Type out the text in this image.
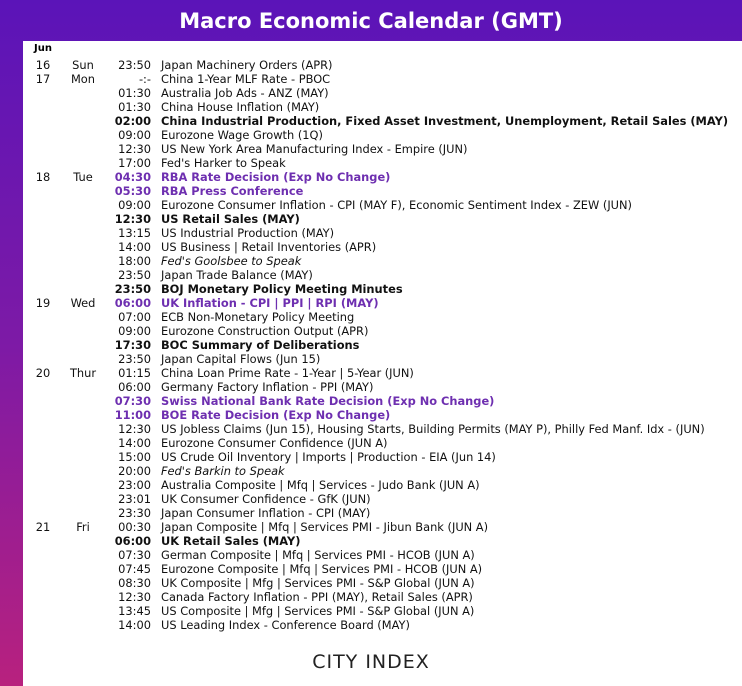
Macro Economic Calendar (GMT)
Jun
16	Sun	23:50 Japan Machinery Orders (APR)
17	Mon	-:- China 1-Year MLF Rate - PBOC
01:30 Australia Job Ads - ANZ (MAY)
01:30 China House Inflation (MAY)
02:00 China Industrial Production, Fixed Asset Investment, Unemployment, Retail Sales (MAY)
09:00 Eurozone Wage Growth (1Q)
12:30 US New York Area Manufacturing Index - Empire (JUN)
17:00 Fed's Harker to Speak
18	Tue	04:30 RBA Rate Decision (Exp No Change)
05:30 RBA Press Conference
09:00 Eurozone Consumer Inflation - CPI (MAY F), Economic Sentiment Index - ZEW (JUN)
12:30 US Retail Sales (MAY)
13:15 US Industrial Production (MAY)
14:00 US Business | Retail Inventories (APR)
18:00 Fed's Goolsbee to Speak
23:50 Japan Trade Balance (MAY)
23:50 BOJ Monetary Policy Meeting Minutes
19	Wed	06:00 UK Inflation - CPI | PPI | RPI (MAY)
07:00 ECB Non-Monetary Policy Meeting
09:00 Eurozone Construction Output (APR)
17:30 BOC Summary of Deliberations
23:50 Japan Capital Flows (Jun 15)
20	Thur	01:15 China Loan Prime Rate - 1-Year | 5-Year (JUN)
06:00 Germany Factory Inflation - PPI (MAY)
07:30 Swiss National Bank Rate Decision (Exp No Change)
11:00 BOE Rate Decision (Exp No Change)
12:30 US Jobless Claims (Jun 15), Housing Starts, Building Permits (MAY P), Philly Fed Manf. Idx - (JUN)
14:00 Eurozone Consumer Confidence (JUN A)
15:00 US Crude Oil Inventory | Imports | Production - EIA (Jun 14)
20:00 Fed's Barkin to Speak
23:00 Australia Composite | Mfq | Services - Judo Bank (JUN A)
23:01 UK Consumer Confidence - GfK (JUN)
23:30 Japan Consumer Inflation - CPI (MAY)
21	Fri	00:30 Japan Composite | Mfq | Services PMI - Jibun Bank (JUN A)
06:00 UK Retail Sales (MAY)
07:30 German Composite | Mfq | Services PMI - HCOB (JUN A)
07:45 Eurozone Composite | Mfq | Services PMI - HCOB (JUN A)
08:30 UK Composite | Mfg | Services PMI - S&P Global (JUN A)
12:30 Canada Factory Inflation - PPI (MAY), Retail Sales (APR)
13:45 US Composite | Mfg | Services PMI - S&P Global (JUN A)
14:00 US Leading Index - Conference Board (MAY)
CITY INDEX
